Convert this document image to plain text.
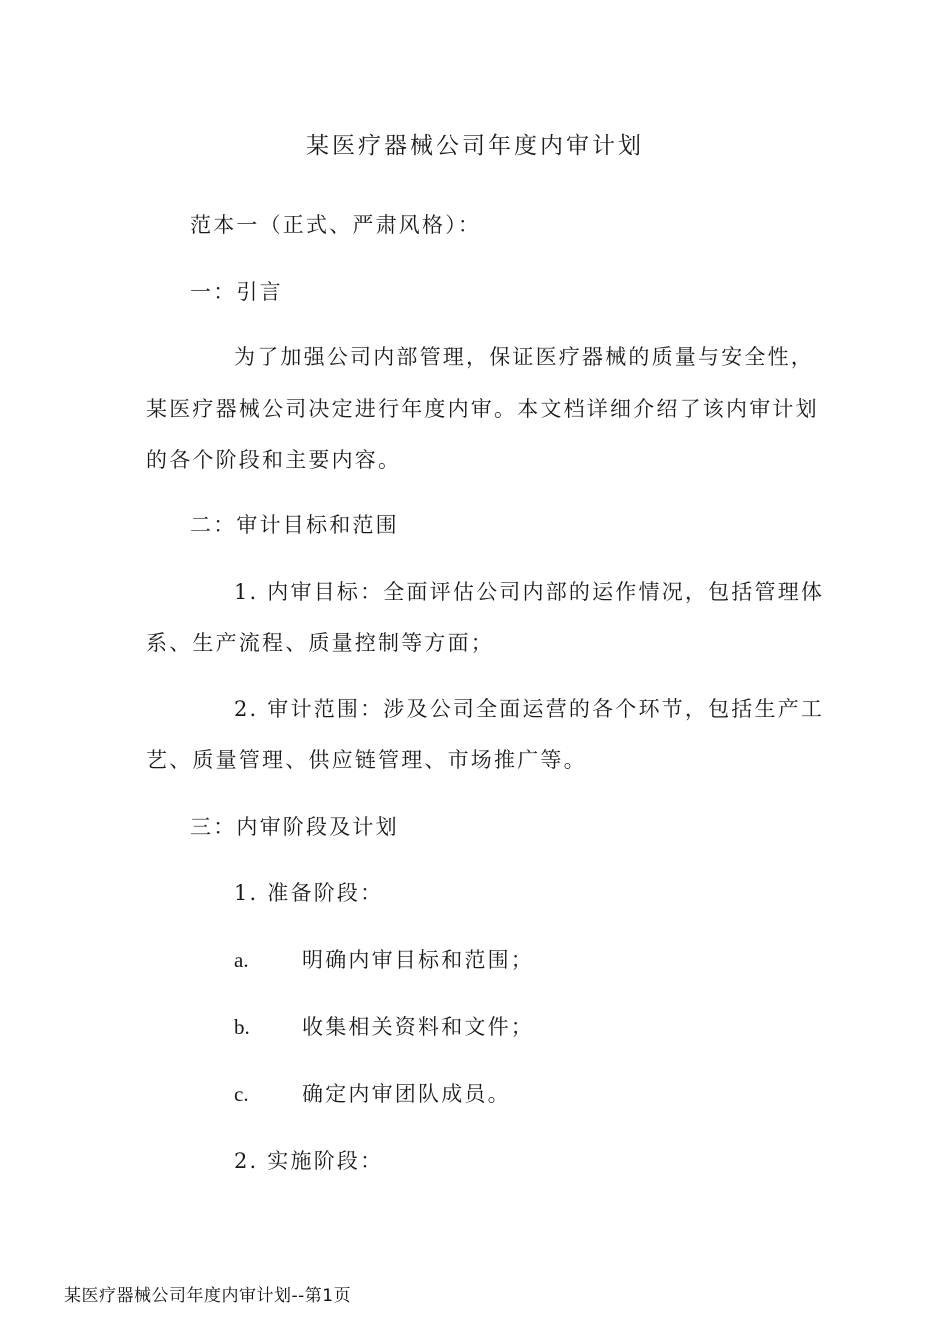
某医疗器械公司年度内审计划
范本一（正式、严肃风格）：
一：引言
为了加强公司内部管理，保证医疗器械的质量与安全性，
某医疗器械公司决定进行年度内审。本文档详细介绍了该内审计划
的各个阶段和主要内容。
二：审计目标和范围
1. 内审目标：全面评估公司内部的运作情况，包括管理体
系、生产流程、质量控制等方面；
2. 审计范围：涉及公司全面运营的各个环节，包括生产工
艺、质量管理、供应链管理、市场推广等。
三：内审阶段及计划
1. 准备阶段：
a.	明确内审目标和范围；
b. 收集相关资料和文件；
c.	确定内审团队成员。
2. 实施阶段：
某医疗器械公司年度内审计划--第1页
